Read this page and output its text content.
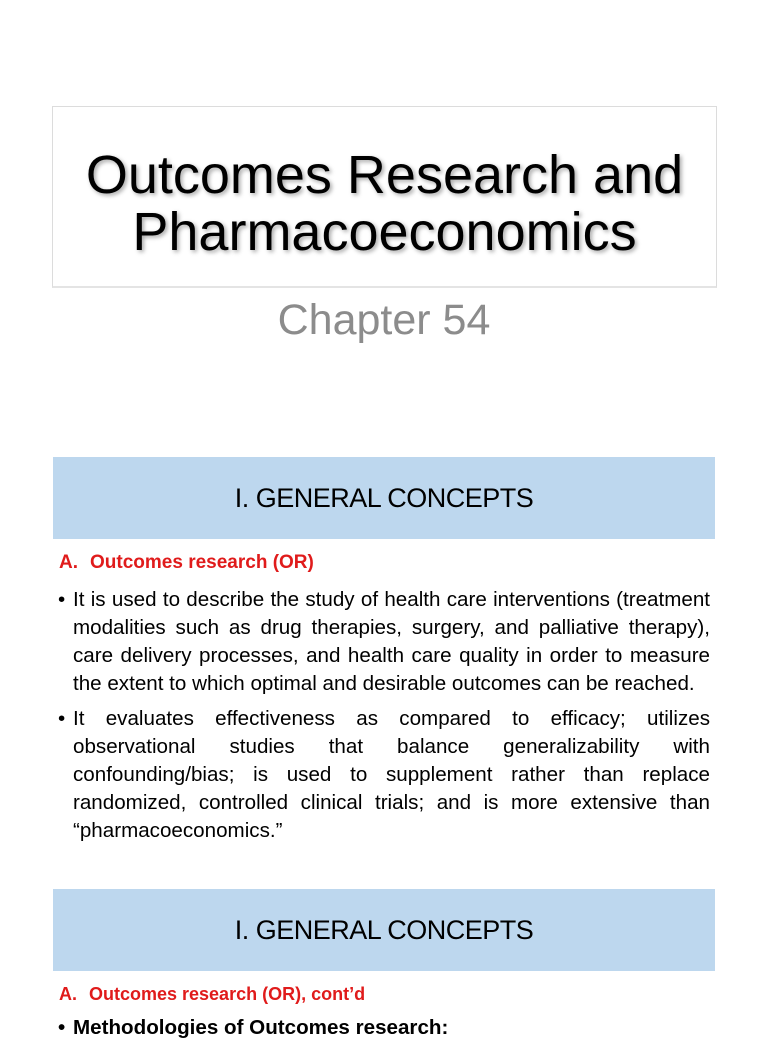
Outcomes Research and
Pharmacoeconomics
Chapter 54
I. GENERAL CONCEPTS
A. Outcomes research (OR)
• It is used to describe the study of health care interventions (treatment modalities such as drug therapies, surgery, and palliative therapy), care delivery processes, and health care quality in order to measure the extent to which optimal and desirable outcomes can be reached.
• It evaluates effectiveness as compared to efficacy; utilizes observational studies that balance generalizability with confounding/bias; is used to supplement rather than replace randomized, controlled clinical trials; and is more extensive than “pharmacoeconomics.”
I. GENERAL CONCEPTS
A. Outcomes research (OR), cont’d
• Methodologies of Outcomes research:
